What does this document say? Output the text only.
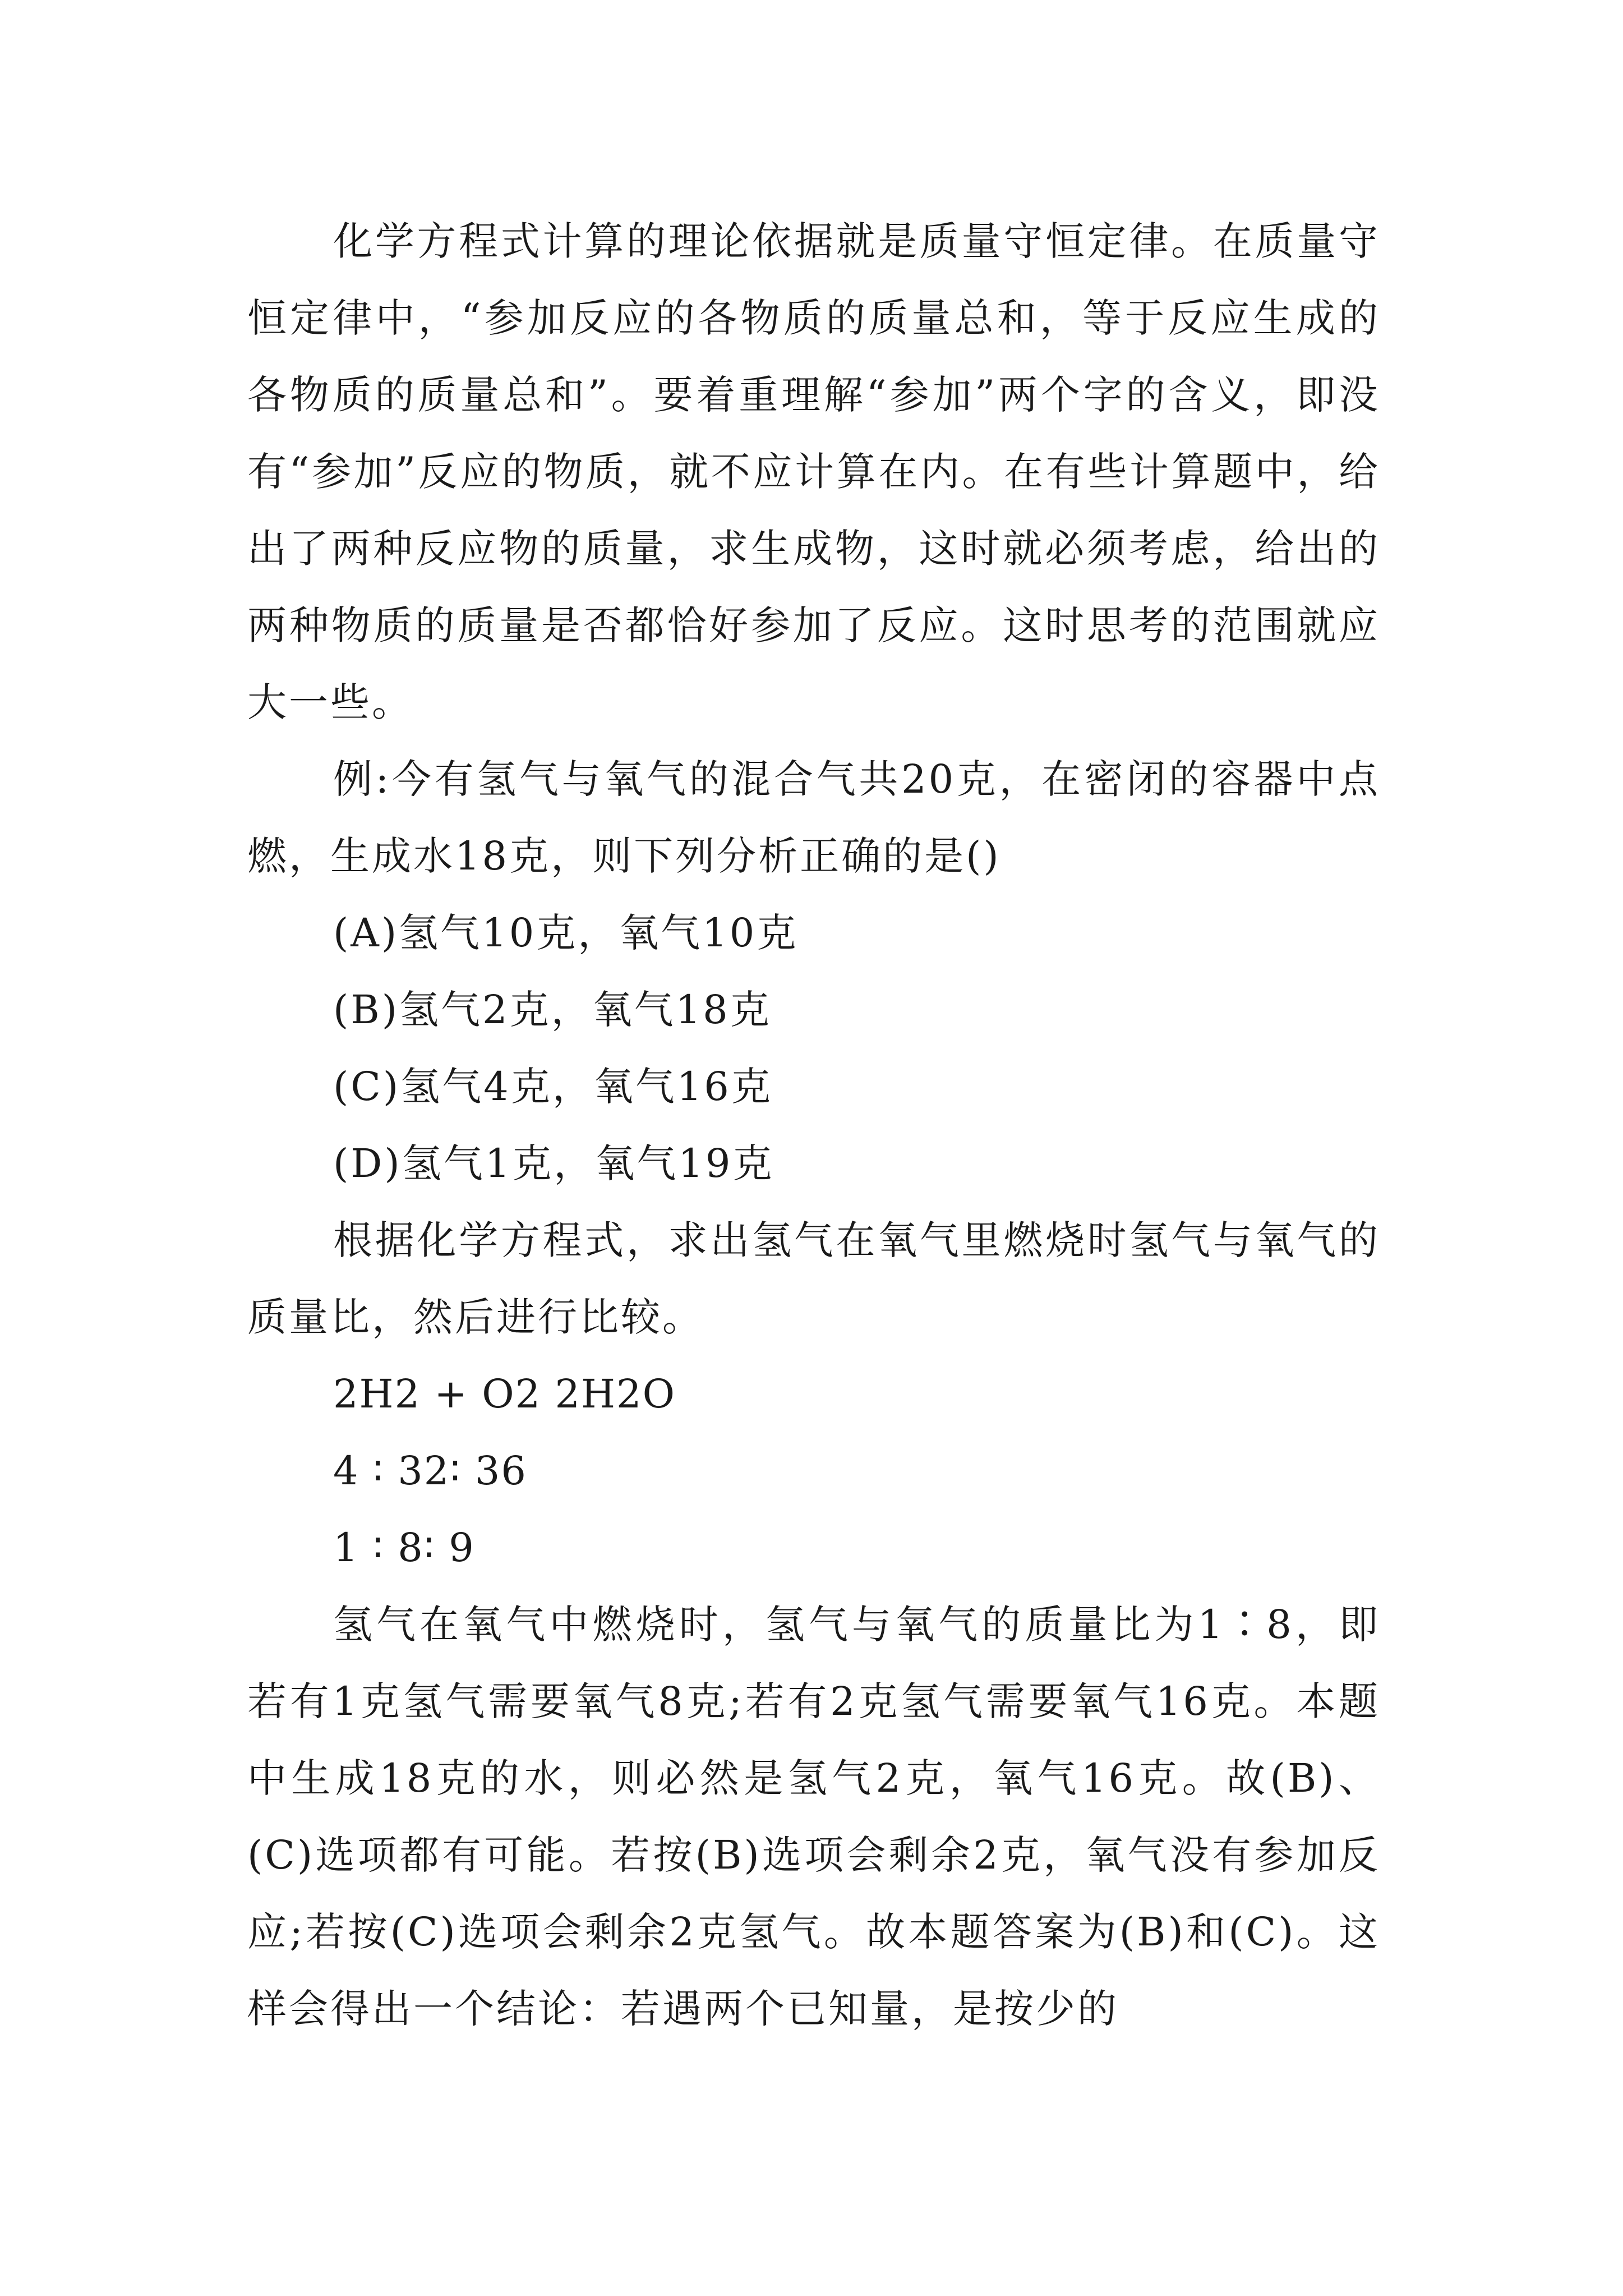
化学方程式计算的理论依据就是质量守恒定律。在质量守恒定律中，“参加反应的各物质的质量总和，等于反应生成的各物质的质量总和”。要着重理解“参加”两个字的含义，即没有“参加”反应的物质，就不应计算在内。在有些计算题中，给出了两种反应物的质量，求生成物，这时就必须考虑，给出的两种物质的质量是否都恰好参加了反应。这时思考的范围就应大一些。

例:今有氢气与氧气的混合气共20克，在密闭的容器中点燃，生成水18克，则下列分析正确的是()

(A)氢气10克，氧气10克

(B)氢气2克，氧气18克

(C)氢气4克，氧气16克

(D)氢气1克，氧气19克

根据化学方程式，求出氢气在氧气里燃烧时氢气与氧气的质量比，然后进行比较。

2H2 + O2 2H2O

4 ∶ 32∶ 36

1 ∶ 8∶ 9

氢气在氧气中燃烧时，氢气与氧气的质量比为1∶8，即若有1克氢气需要氧气8克;若有2克氢气需要氧气16克。本题中生成18克的水，则必然是氢气2克，氧气16克。故(B)、(C)选项都有可能。若按(B)选项会剩余2克，氧气没有参加反应;若按(C)选项会剩余2克氢气。故本题答案为(B)和(C)。这样会得出一个结论：若遇两个已知量，是按少的
